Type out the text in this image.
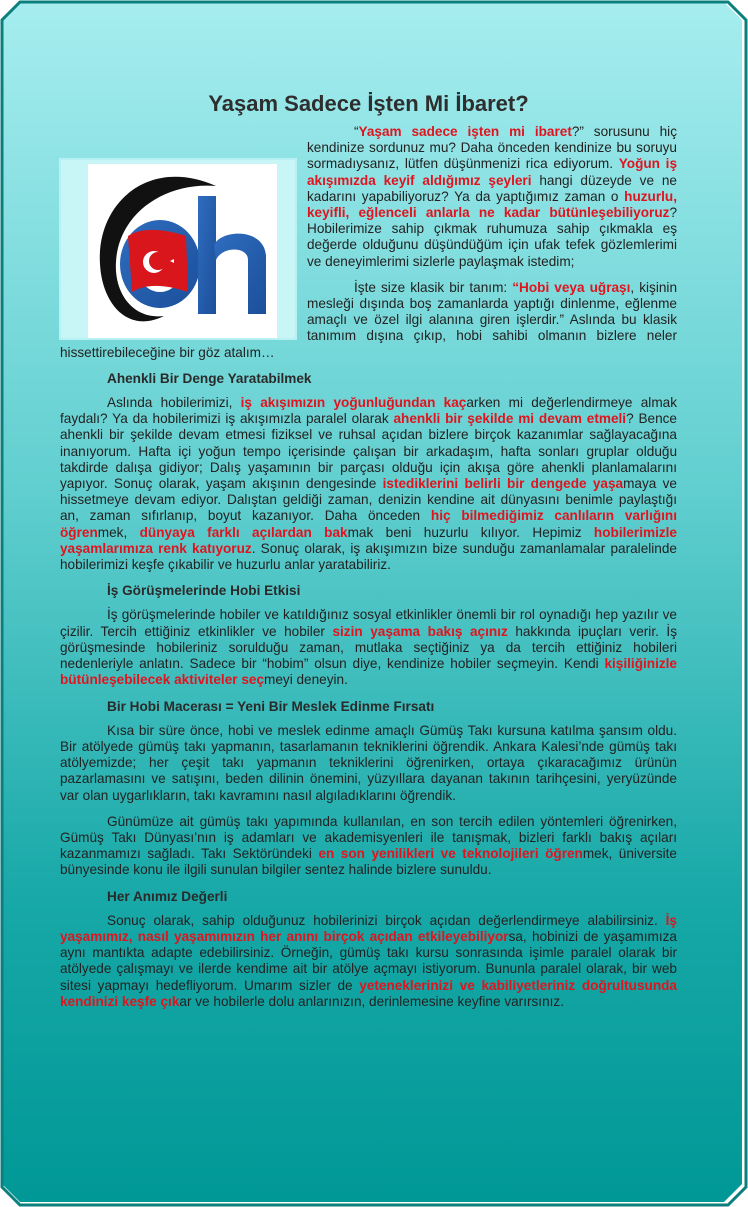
Yaşam Sadece İşten Mi İbaret?

“Yaşam sadece işten mi ibaret?” sorusunu hiç kendinize sordunuz mu? Daha önceden kendinize bu soruyu sormadıysanız, lütfen düşünmenizi rica ediyorum. Yoğun iş akışımızda keyif aldığımız şeyleri hangi düzeyde ve ne kadarını yapabiliyoruz? Ya da yaptığımız zaman o huzurlu, keyifli, eğlenceli anlarla ne kadar bütünleşebiliyoruz? Hobilerimize sahip çıkmak ruhumuza sahip çıkmakla eş değerde olduğunu düşündüğüm için ufak tefek gözlemlerimi ve deneyimlerimi sizlerle paylaşmak istedim;

İşte size klasik bir tanım: “Hobi veya uğraşı, kişinin mesleği dışında boş zamanlarda yaptığı dinlenme, eğlenme amaçlı ve özel ilgi alanına giren işlerdir.” Aslında bu klasik tanımım dışına çıkıp, hobi sahibi olmanın bizlere neler hissettirebileceğine bir göz atalım…

Ahenkli Bir Denge Yaratabilmek

Aslında hobilerimizi, iş akışımızın yoğunluğundan kaçarken mi değerlendirmeye almak faydalı? Ya da hobilerimizi iş akışımızla paralel olarak ahenkli bir şekilde mi devam etmeli? Bence ahenkli bir şekilde devam etmesi fiziksel ve ruhsal açıdan bizlere birçok kazanımlar sağlayacağına inanıyorum. Hafta içi yoğun tempo içerisinde çalışan bir arkadaşım, hafta sonları gruplar olduğu takdirde dalışa gidiyor; Dalış yaşamının bir parçası olduğu için akışa göre ahenkli planlamalarını yapıyor. Sonuç olarak, yaşam akışının dengesinde istediklerini belirli bir dengede yaşamaya ve hissetmeye devam ediyor. Dalıştan geldiği zaman, denizin kendine ait dünyasını benimle paylaştığı an, zaman sıfırlanıp, boyut kazanıyor. Daha önceden hiç bilmediğimiz canlıların varlığını öğrenmek, dünyaya farklı açılardan bakmak beni huzurlu kılıyor. Hepimiz hobilerimizle yaşamlarımıza renk katıyoruz. Sonuç olarak, iş akışımızın bize sunduğu zamanlamalar paralelinde hobilerimizi keşfe çıkabilir ve huzurlu anlar yaratabiliriz.

İş Görüşmelerinde Hobi Etkisi

İş görüşmelerinde hobiler ve katıldığınız sosyal etkinlikler önemli bir rol oynadığı hep yazılır ve çizilir. Tercih ettiğiniz etkinlikler ve hobiler sizin yaşama bakış açınız hakkında ipuçları verir. İş görüşmesinde hobileriniz sorulduğu zaman, mutlaka seçtiğiniz ya da tercih ettiğiniz hobileri nedenleriyle anlatın. Sadece bir “hobim” olsun diye, kendinize hobiler seçmeyin. Kendi kişiliğinizle bütünleşebilecek aktiviteler seçmeyi deneyin.

Bir Hobi Macerası = Yeni Bir Meslek Edinme Fırsatı

Kısa bir süre önce, hobi ve meslek edinme amaçlı Gümüş Takı kursuna katılma şansım oldu. Bir atölyede gümüş takı yapmanın, tasarlamanın tekniklerini öğrendik. Ankara Kalesi’nde gümüş takı atölyemizde; her çeşit takı yapmanın tekniklerini öğrenirken, ortaya çıkaracağımız ürünün pazarlamasını ve satışını, beden dilinin önemini, yüzyıllara dayanan takının tarihçesini, yeryüzünde var olan uygarlıkların, takı kavramını nasıl algıladıklarını öğrendik.

Günümüze ait gümüş takı yapımında kullanılan, en son tercih edilen yöntemleri öğrenirken, Gümüş Takı Dünyası’nın iş adamları ve akademisyenleri ile tanışmak, bizleri farklı bakış açıları kazanmamızı sağladı. Takı Sektöründeki en son yenilikleri ve teknolojileri öğrenmek, üniversite bünyesinde konu ile ilgili sunulan bilgiler sentez halinde bizlere sunuldu.

Her Anımız Değerli

Sonuç olarak, sahip olduğunuz hobilerinizi birçok açıdan değerlendirmeye alabilirsiniz. İş yaşamımız, nasıl yaşamımızın her anını birçok açıdan etkileyebiliyorsa, hobinizi de yaşamımıza aynı mantıkta adapte edebilirsiniz. Örneğin, gümüş takı kursu sonrasında işimle paralel olarak bir atölyede çalışmayı ve ilerde kendime ait bir atölye açmayı istiyorum. Bununla paralel olarak, bir web sitesi yapmayı hedefliyorum. Umarım sizler de yeteneklerinizi ve kabiliyetleriniz doğrultusunda kendinizi keşfe çıkar ve hobilerle dolu anlarınızın, derinlemesine keyfine varırsınız.
